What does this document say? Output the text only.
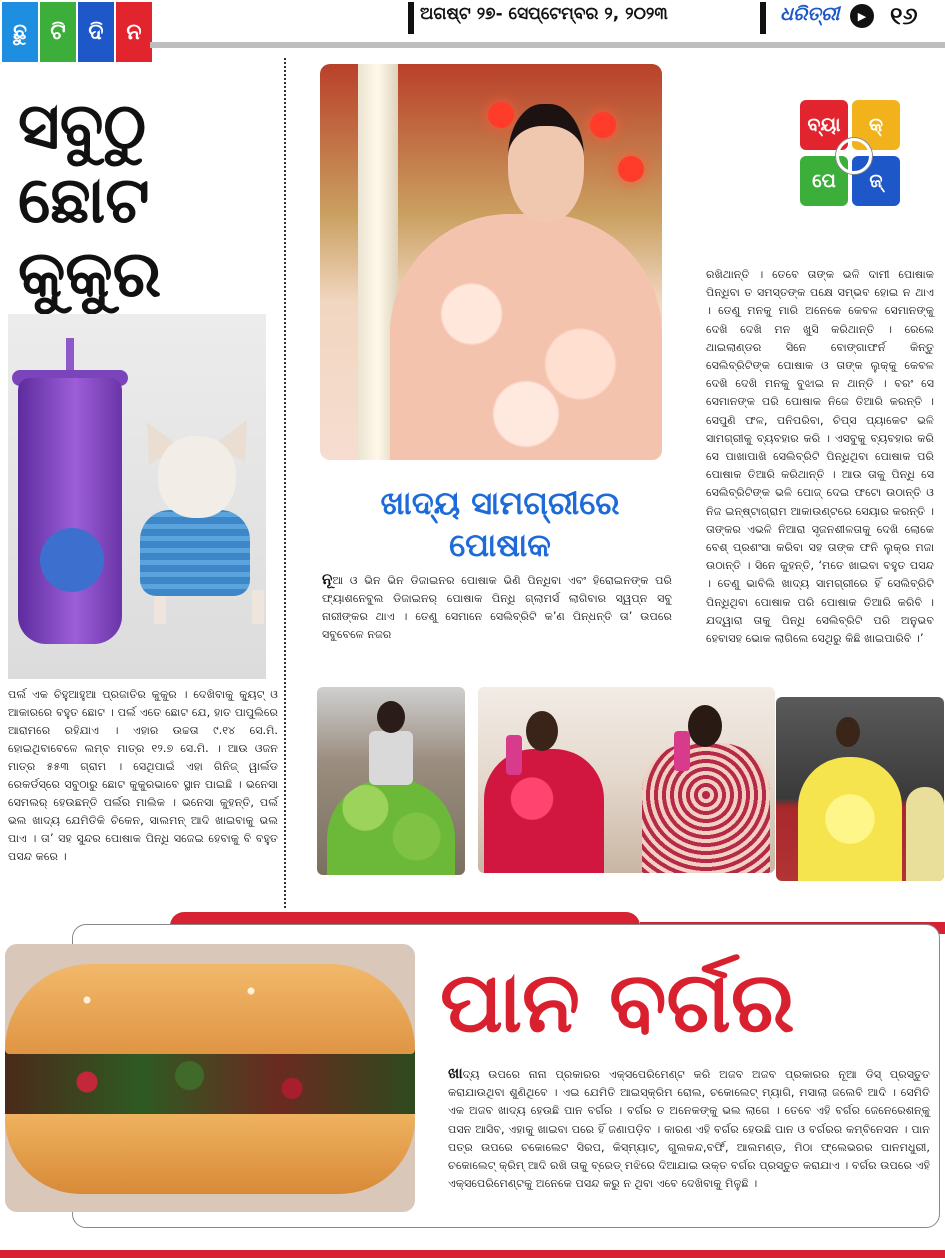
ଛୁ	ଟି	ଦି	ନ
ଅଗଷ୍ଟ ୨୭- ସେପ୍ଟେମ୍ବର ୨, ୨୦୨୩	ଧରିତ୍ରୀ	▶ ୧୬
ସବୁଠୁ
ଛୋଟ
କୁକୁର
ପର୍ଲ ଏକ ଚିହୁଆହୁଆ ପ୍ରଜାତିର କୁକୁର । ଦେଖିବାକୁ କ୍ୟୁଟ୍ ଓ ଆକାରରେ ବହୁତ ଛୋଟ । ପର୍ଲ ଏତେ ଛୋଟ ଯେ, ହାତ ପାପୁଲିରେ ଆରାମରେ ରହିଯାଏ । ଏହାର ଉଚ୍ଚତା ୯.୧୪ ସେ.ମି. ହୋଇଥିବାବେଳେ ଲମ୍ବ ମାତ୍ର ୧୨.୭ ସେ.ମି. । ଆଉ ଓଜନ ମାତ୍ର ୫୫୩ ଗ୍ରାମ । ସେଥିପାଇଁ ଏହା ଗିନିଜ୍ ୱାର୍ଲଡ ରେକର୍ଡସ୍‌ରେ ସବୁଠାରୁ ଛୋଟ କୁକୁରଭାବେ ସ୍ଥାନ ପାଇଛି । ଭନେସା ସେମଲର୍ ହେଉଛନ୍ତି ପର୍ଲର ମାଲିକ । ଭନେସା କୁହନ୍ତି, ପର୍ଲ ଭଲ ଖାଦ୍ୟ ଯେମିତିକି ଚିକେନ, ସାଲମନ୍ ଆଦି ଖାଇବାକୁ ଭଲ ପାଏ । ତା’ ସହ ସୁନ୍ଦର ପୋଷାକ ପିନ୍ଧି ସଜେଇ ହେବାକୁ ବି ବହୁତ ପସନ୍ଦ କରେ ।
ଖାଦ୍ୟ ସାମଗ୍ରୀରେ
ପୋଷାକ
ନୂଆ ଓ ଭିନ ଭିନ ଡିଜାଇନର ପୋଷାକ ଭିଣି ପିନ୍ଧିବା ଏବଂ ହିରୋଇନଙ୍କ ପରି ଫ୍ୟାଶନେବୁଲ ଡିଜାଇନର୍ ପୋଷାକ ପିନ୍ଧି ଗ୍ଲାମର୍ସ ଲାଗିବାର ସ୍ୱପ୍ନ ସବୁ ନାରୀଙ୍କର ଥାଏ । ତେଣୁ ସେମାନେ ସେଲିବ୍ରିଟି କ’ଣ ପିନ୍ଧନ୍ତି ତା’ ଉପରେ ସବୁବେଳେ ନଜର
ବ୍ୟା	କ୍
ପେ	ଜ୍
ରଖିଥାନ୍ତି । ତେବେ ତାଙ୍କ ଭଳି ଦାମୀ ପୋଷାକ ପିନ୍ଧିବା ତ ସମସ୍ତଙ୍କ ପକ୍ଷେ ସମ୍ଭବ ହୋଇ ନ ଥାଏ । ତେଣୁ ମନକୁ ମାରି ଅନେକେ କେବଳ ସେମାନଙ୍କୁ ଦେଖି ଦେଖି ମନ ଖୁସି କରିଥାନ୍ତି । ରେଲେ ଥାଇଲାଣ୍ଡର ସିନେ ବୋଙ୍ଗାଫର୍ନ କିନ୍ତୁ ସେଲିବ୍ରିଟିଙ୍କ ପୋଷାକ ଓ ତାଙ୍କ ଲୁକ୍‌କୁ କେବଳ ଦେଖି ଦେଖି ମନକୁ ବୁଝାଇ ନ ଥାନ୍ତି । ବରଂ ସେ ସେମାନଙ୍କ ପରି ପୋଷାକ ନିଜେ ତିଆରି କରନ୍ତି । ସେପୁଣି ଫଳ, ପନିପରିବା, ଚିପ୍ସ ପ୍ୟାକେଟ ଭଳି ସାମଗ୍ରୀକୁ ବ୍ୟବହାର କରି । ଏସବୁକୁ ବ୍ୟବହାର କରି ସେ ପାଖାପାଖି ସେଲିବ୍ରିଟି ପିନ୍ଧିଥିବା ପୋଷାକ ପରି ପୋଷାକ ତିଆରି କରିଥାନ୍ତି । ଆଉ ତାକୁ ପିନ୍ଧି ସେ ସେଲିବ୍ରିଟିଙ୍କ ଭଳି ପୋଜ୍ ଦେଇ ଫଟୋ ଉଠାନ୍ତି ଓ ନିଜ ଇନ୍‌ଷ୍ଟାଗ୍ରାମ ଆକାଉଣ୍ଟରେ ସେୟାର କରନ୍ତି । ତାଙ୍କର ଏଭଳି ନିଆରା ସୃଜନଶୀଳତାକୁ ଦେଖି ଲୋକେ ବେଶ୍ ପ୍ରଶଂସା କରିବା ସହ ତାଙ୍କ ଫନି ଲୁକ୍‌ର ମଜା ଉଠାନ୍ତି । ସିନେ କୁହନ୍ତି, ‘ମତେ ଖାଇବା ବହୁତ ପସନ୍ଦ । ତେଣୁ ଭାବିଲି ଖାଦ୍ୟ ସାମଗ୍ରୀରେ ହିଁ ସେଲିବ୍ରିଟି ପିନ୍ଧିଥିବା ପୋଷାକ ପରି ପୋଷାକ ତିଆରି କରିବି । ଯଦ୍ୱାରା ତାକୁ ପିନ୍ଧି ସେଲିବ୍ରିଟି ପରି ଅନୁଭବ ହେବାସହ ଭୋକ ଲାଗିଲେ ସେଥିରୁ କିଛି ଖାଇପାରିବି ।’
ପାନ ବର୍ଗର
ଖାଦ୍ୟ ଉପରେ ନାନା ପ୍ରକାରର ଏକ୍ସପେରିମେଣ୍ଟ କରି ଅଜବ ଅଜବ ପ୍ରକାରର ନୂଆ ଡିସ୍ ପ୍ରସ୍ତୁତ କରାଯାଉଥିବା ଶୁଣିଥିବେ । ଏଇ ଯେମିତି ଆଇସ୍‌କ୍ରିମ ରୋଲ, ଚକୋଲେଟ୍ ମ୍ୟାଗି, ମସାଲା ଜଲେବି ଆଦି । ସେମିତି ଏକ ଅଜବ ଖାଦ୍ୟ ହେଉଛି ପାନ ବର୍ଗର । ବର୍ଗର ତ ଅନେକଙ୍କୁ ଭଲ ଲାଗେ । ତେବେ ଏହି ବର୍ଗର ଜେନେରେଶନ୍‌କୁ ପସନ ଆସିବ, ଏହାକୁ ଖାଇବା ପରେ ହିଁ ଜଣାପଡ଼ିବ । କାରଣ ଏହି ବର୍ଗର ହେଉଛି ପାନ ଓ ବର୍ଗରର କମ୍ବିନେସନ । ପାନ ପତ୍ର ଉପରେ ଚକୋଲେଟ ସିରପ, କିସ୍‌ମ୍ୟାଟ୍, ଗୁଲକନ୍ଦ,ବର୍ଫି, ଆଲମଣ୍ଡ, ମିଠା ଫ୍ଲେଭରର ପାନମଧୁରୀ, ଚକୋଲେଟ୍ କ୍ରିମ୍ ଆଦି ରଖି ତାକୁ ବ୍ରେଡ୍ ମଝିରେ ଦିଆଯାଇ ଉକ୍ତ ବର୍ଗର ପ୍ରସ୍ତୁତ କରାଯାଏ । ବର୍ଗର ଉପରେ ଏହି ଏକ୍ସପେରିମେଣ୍ଟକୁ ଅନେକେ ପସନ୍ଦ କରୁ ନ ଥିବା ଏବେ ଦେଖିବାକୁ ମିଳୁଛି ।
